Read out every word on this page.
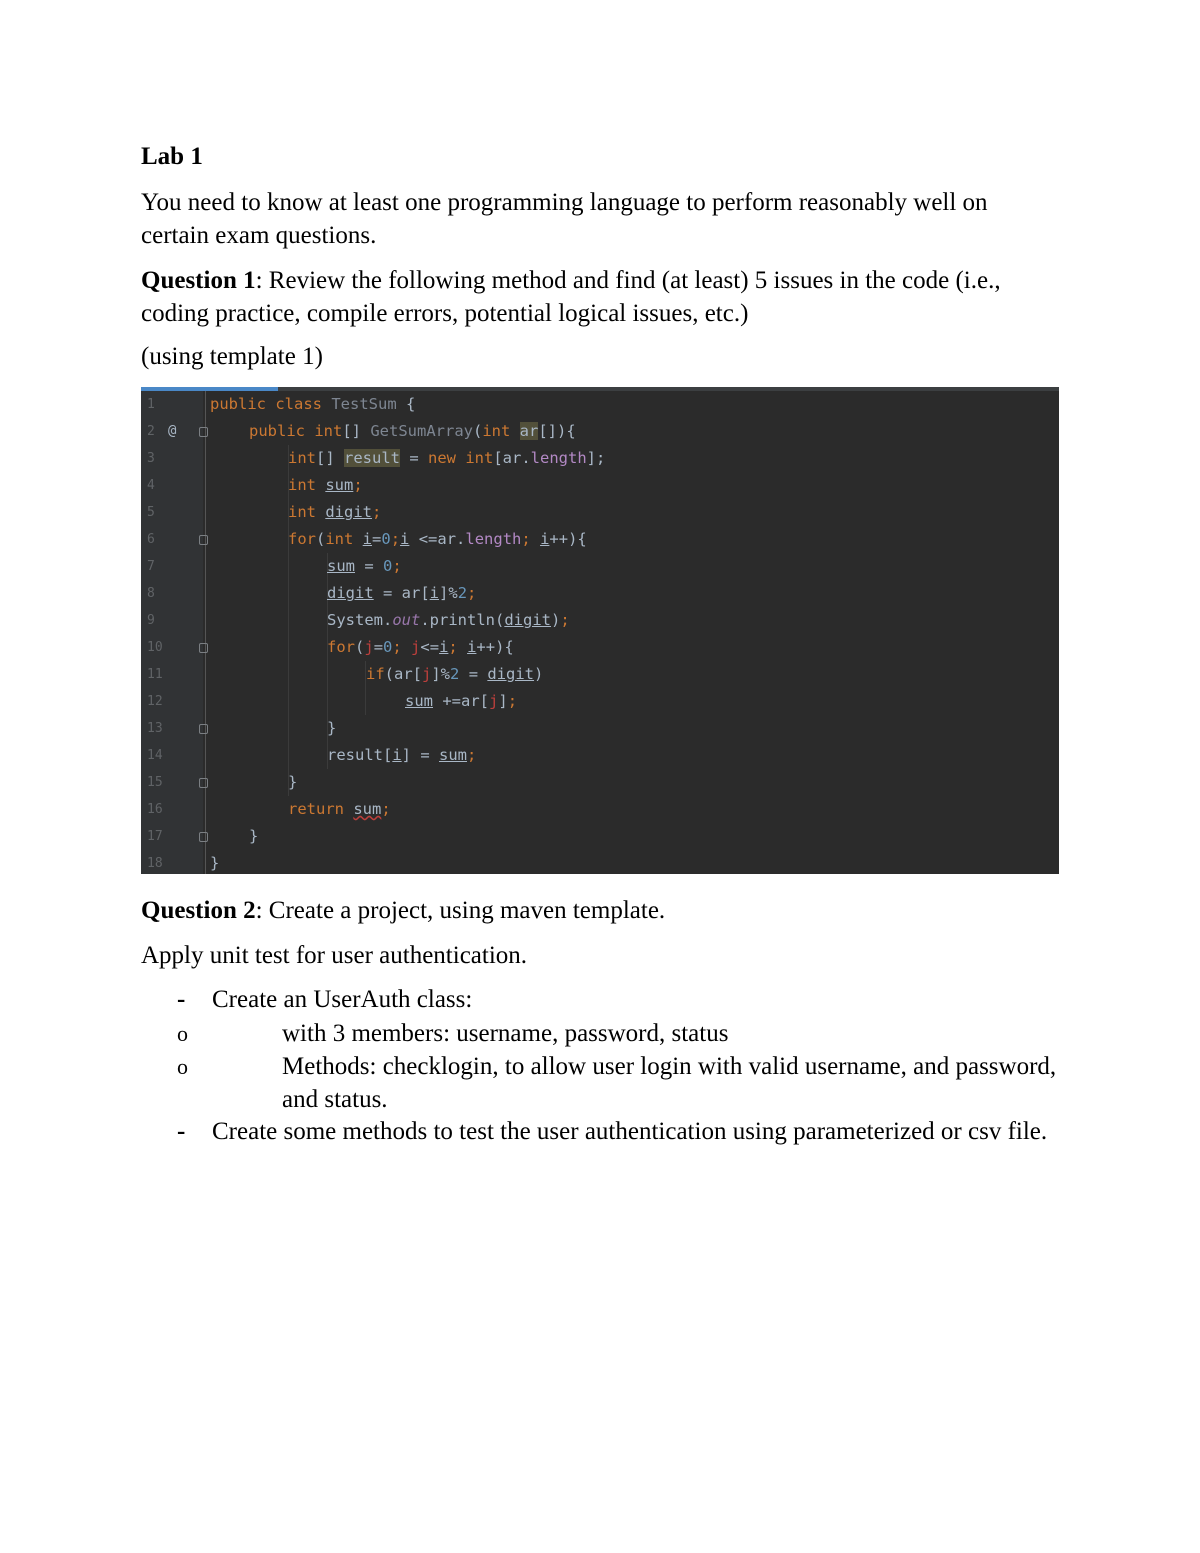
Lab 1

You need to know at least one programming language to perform reasonably well on certain exam questions.

Question 1: Review the following method and find (at least) 5 issues in the code (i.e., coding practice, compile errors, potential logical issues, etc.)

(using template 1)

1
2
3
4
5
6
7
8
9
10
11
12
13
14
15
16
17
18
@
public class TestSum {
public int[] GetSumArray(int ar[]){
int[] result = new int[ar.length];
int sum;
int digit;
for(int i=0;i <=ar.length; i++){
sum = 0;
digit = ar[i]%2;
System.out.println(digit);
for(j=0; j<=i; i++){
if(ar[j]%2 = digit)
sum +=ar[j];
}
result[i] = sum;
}
return sum;
}
}

Question 2: Create a project, using maven template.

Apply unit test for user authentication.

- Create an UserAuth class:
o with 3 members: username, password, status
o Methods: checklogin, to allow user login with valid username, and password, and status.
- Create some methods to test the user authentication using parameterized or csv file.
